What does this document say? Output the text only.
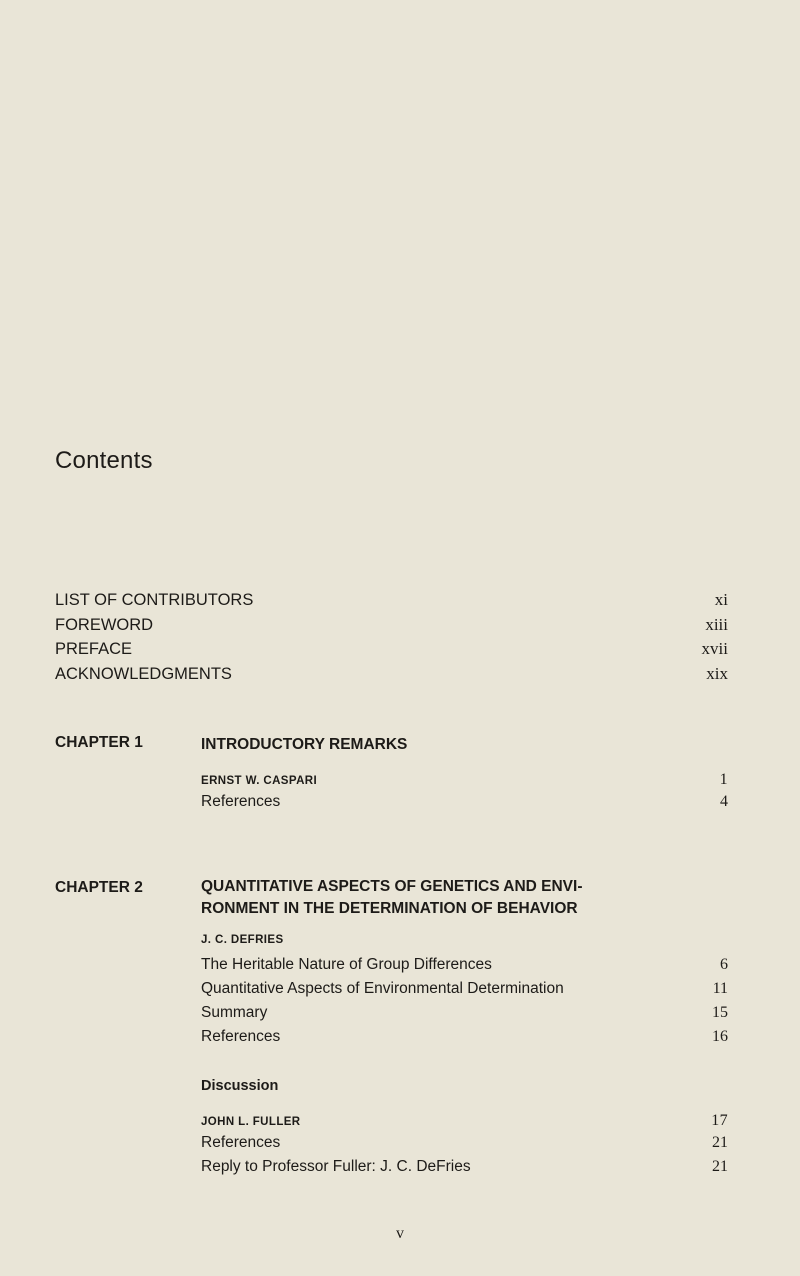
Contents
LIST OF CONTRIBUTORS	xi
FOREWORD	xiii
PREFACE	xvii
ACKNOWLEDGMENTS	xix
CHAPTER 1	INTRODUCTORY REMARKS
ERNST W. CASPARI	1
References	4
CHAPTER 2	QUANTITATIVE ASPECTS OF GENETICS AND ENVI-
RONMENT IN THE DETERMINATION OF BEHAVIOR
J. C. DEFRIES
The Heritable Nature of Group Differences	6
Quantitative Aspects of Environmental Determination	11
Summary	15
References	16
Discussion
JOHN L. FULLER	17
References	21
Reply to Professor Fuller: J. C. DeFries	21
v
